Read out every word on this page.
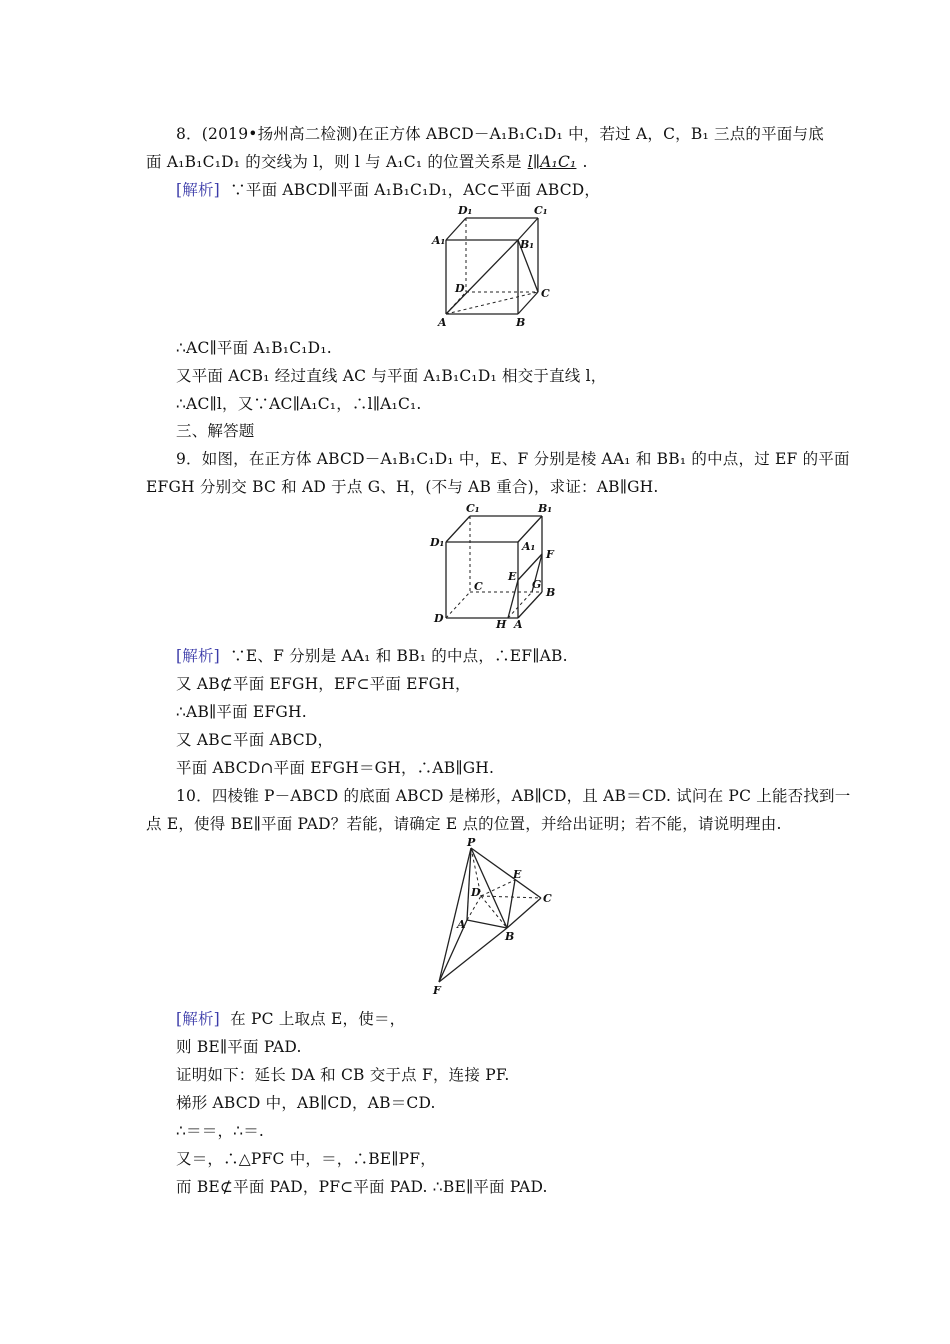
8．(2019•扬州高二检测)在正方体 ABCD－A₁B₁C₁D₁ 中，若过 A，C，B₁ 三点的平面与底
面 A₁B₁C₁D₁ 的交线为 l，则 l 与 A₁C₁ 的位置关系是 l∥A₁C₁ .
[解析] ∵平面 ABCD∥平面 A₁B₁C₁D₁，AC⊂平面 ABCD，
D₁	C₁
A₁	B₁
D	C
A	B
∴AC∥平面 A₁B₁C₁D₁.
又平面 ACB₁ 经过直线 AC 与平面 A₁B₁C₁D₁ 相交于直线 l，
∴AC∥l，又∵AC∥A₁C₁，∴l∥A₁C₁.
三、解答题
9．如图，在正方体 ABCD－A₁B₁C₁D₁ 中，E、F 分别是棱 AA₁ 和 BB₁ 的中点，过 EF 的平面
EFGH 分别交 BC 和 AD 于点 G、H，(不与 AB 重合)，求证：AB∥GH.
C₁	B₁
D₁	A₁
F
E
G
C	B
D	H A
[解析] ∵E、F 分别是 AA₁ 和 BB₁ 的中点，∴EF∥AB.
又 AB⊄平面 EFGH，EF⊂平面 EFGH，
∴AB∥平面 EFGH.
又 AB⊂平面 ABCD，
平面 ABCD∩平面 EFGH＝GH，∴AB∥GH.
10．四棱锥 P－ABCD 的底面 ABCD 是梯形，AB∥CD，且 AB＝CD. 试问在 PC 上能否找到一
点 E，使得 BE∥平面 PAD？若能，请确定 E 点的位置，并给出证明；若不能，请说明理由.
P
E
D	C
A
B
F
[解析] 在 PC 上取点 E，使＝，
则 BE∥平面 PAD.
证明如下：延长 DA 和 CB 交于点 F，连接 PF.
梯形 ABCD 中，AB∥CD，AB＝CD.
∴＝＝，∴＝.
又＝，∴△PFC 中，＝，∴BE∥PF，
而 BE⊄平面 PAD，PF⊂平面 PAD. ∴BE∥平面 PAD.
